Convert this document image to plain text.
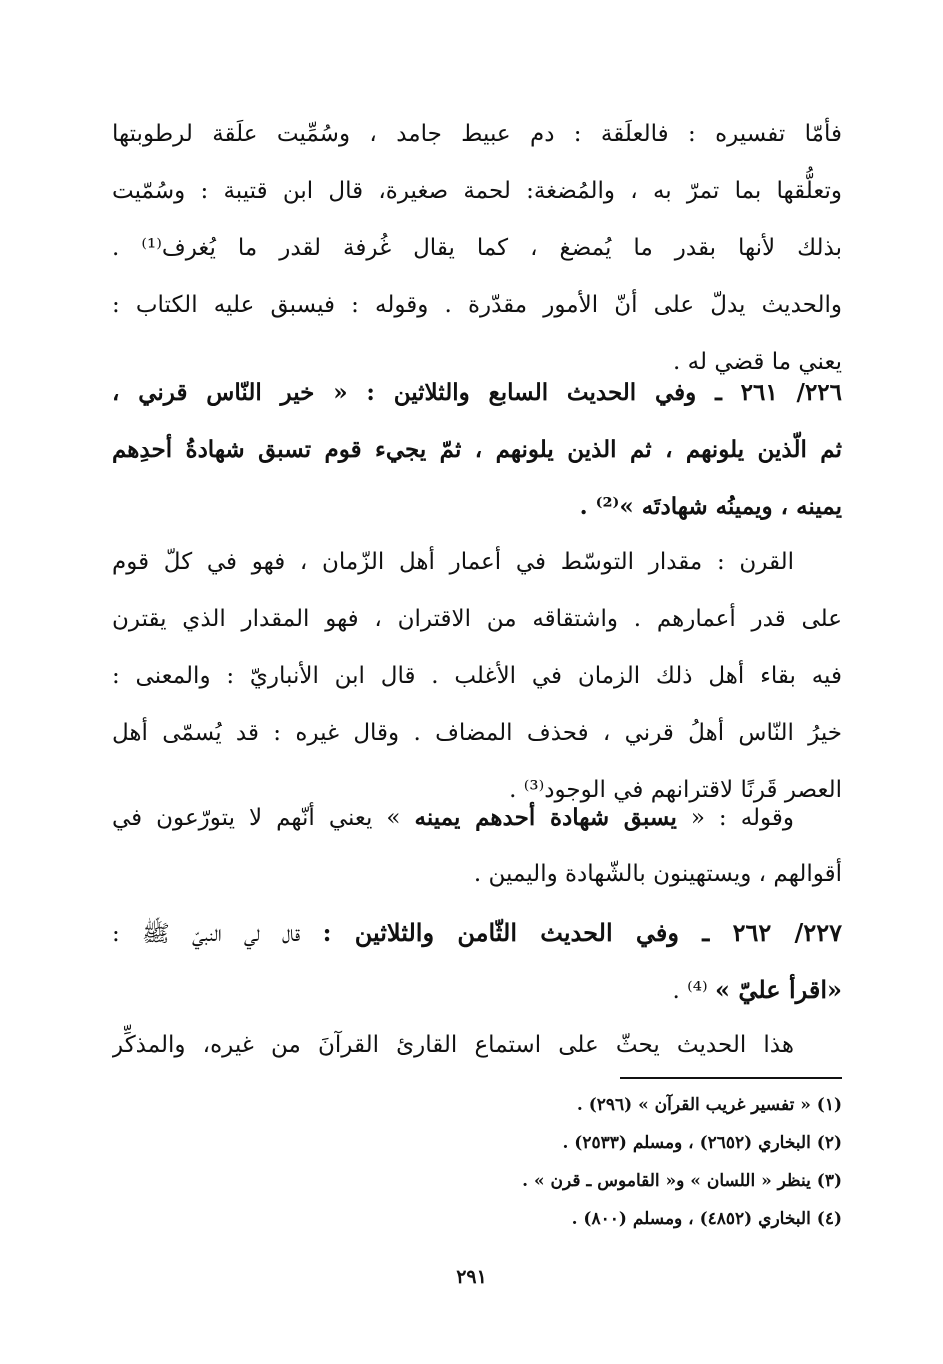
فأمّا تفسيره : فالعلَقة : دم عبيط جامد ، وسُمِّيت علَقة لرطوبتها
وتعلُّقها بما تمرّ به ، والمُضغة: لحمة صغيرة، قال ابن قتيبة : وسُمّيت
بذلك لأنها بقدر ما يُمضغ ، كما يقال غُرفة لقدر ما يُغرف⁽¹⁾ .
والحديث يدلّ على أنّ الأمور مقدّرة . وقوله : فيسبق عليه الكتاب :
يعني ما قضي له .
٢٢٦/ ٢٦١ ـ وفي الحديث السابع والثلاثين : « خير النّاس قرني ،
ثم الّذين يلونهم ، ثم الذين يلونهم ، ثمّ يجيء قوم تسبق شهادةُ أحدِهم
يمينه ، ويمينُه شهادتَه »⁽²⁾ .
القرن : مقدار التوسّط في أعمار أهل الزّمان ، فهو في كلّ قوم
على قدر أعمارهم . واشتقاقه من الاقتران ، فهو المقدار الذي يقترن
فيه بقاء أهل ذلك الزمان في الأغلب . قال ابن الأنباريّ : والمعنى :
خيرُ النّاس أهلُ قرني ، فحذف المضاف . وقال غيره : قد يُسمّى أهل
العصر قَرنًا لاقترانهم في الوجود⁽³⁾ .
وقوله : « يسبق شهادة أحدهم يمينه » يعني أنّهم لا يتورّعون في
أقوالهم ، ويستهينون بالشّهادة واليمين .
٢٢٧/ ٢٦٢ ـ وفي الحديث الثّامن والثلاثين : قال لي النبيّ ﷺ :
«اقرأ عليّ » ⁽⁴⁾ .
هذا الحديث يحثّ على استماع القارئ القرآنَ من غيره، والمذكِّر
(١) « تفسير غريب القرآن » (٢٩٦) .
(٢) البخاري (٢٦٥٢) ، ومسلم (٢٥٣٣) .
(٣) ينظر « اللسان » و« القاموس ـ قرن » .
(٤) البخاري (٤٨٥٢) ، ومسلم (٨٠٠) .
٢٩١
